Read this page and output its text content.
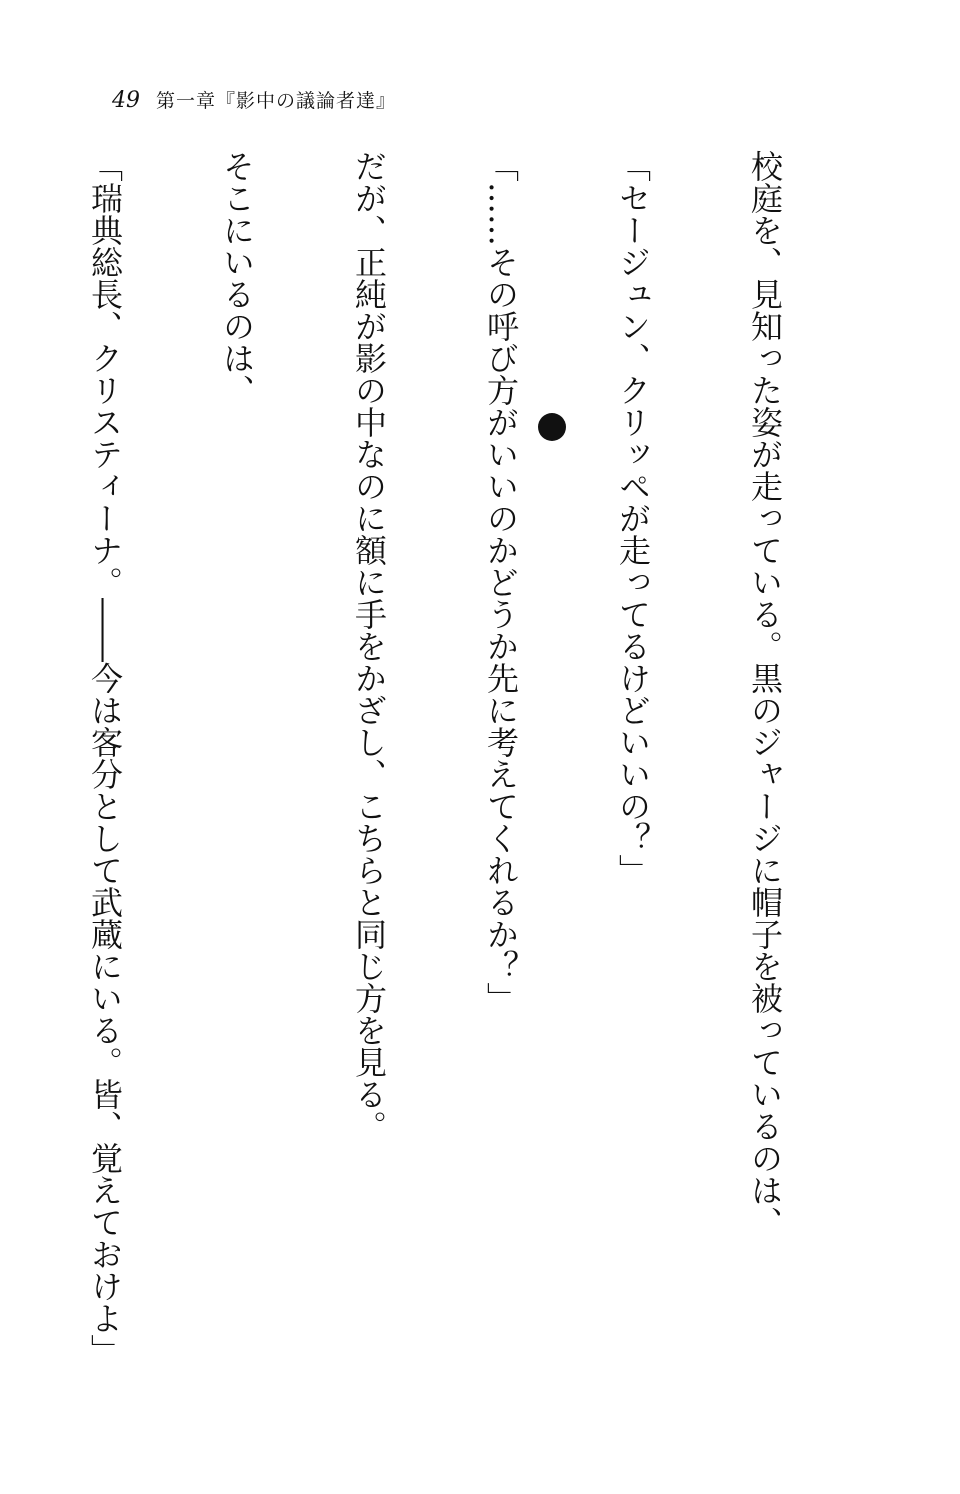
49 第一章『影中の議論者達』

校庭を、見知った姿が走っている。黒のジャージに帽子を被っているのは、

「セージュン、クリッペが走ってるけどいいの？」

「……その呼び方がいいのかどうか先に考えてくれるか？」

だが、正純が影の中なのに額に手をかざし、こちらと同じ方を見る。

そこにいるのは、

「瑞典総長、クリスティーナ。――今は客分として武蔵にいる。皆、覚えておけよ」
